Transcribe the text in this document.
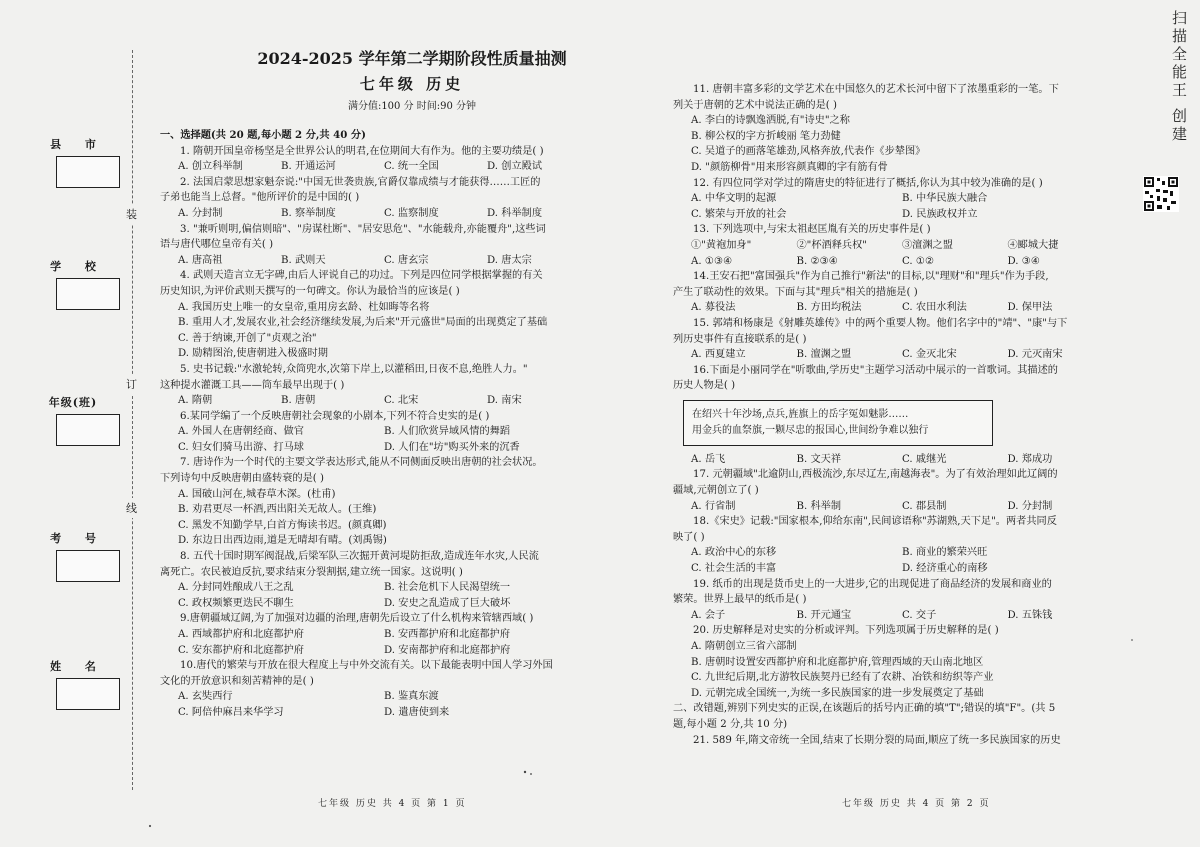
县 市
学 校
年级(班)
考 号
姓 名
装
订
线
2024-2025 学年第二学期阶段性质量抽测
七年级 历史
满分值:100 分 时间:90 分钟
一、选择题(共 20 题,每小题 2 分,共 40 分)
1. 隋朝开国皇帝杨坚是全世界公认的明君,在位期间大有作为。他的主要功绩是( )
A. 创立科举制	B. 开通运河	C. 统一全国	D. 创立殿试
2. 法国启蒙思想家魁奈说:"中国无世袭贵族,官爵仅靠成绩与才能获得……工匠的
子弟也能当上总督。"他所评价的是中国的( )
A. 分封制	B. 察举制度	C. 监察制度	D. 科举制度
3. "兼听则明,偏信则暗"、"房谋杜断"、"居安思危"、"水能载舟,亦能覆舟",这些词
语与唐代哪位皇帝有关( )
A. 唐高祖	B. 武则天	C. 唐玄宗	D. 唐太宗
4. 武则天造言立无字碑,由后人评说自己的功过。下列是四位同学根据掌握的有关
历史知识,为评价武则天撰写的一句碑文。你认为最恰当的应该是( )
A. 我国历史上唯一的女皇帝,重用房玄龄、杜如晦等名将
B. 重用人才,发展农业,社会经济继续发展,为后来"开元盛世"局面的出现奠定了基础
C. 善于纳谏,开创了"贞观之治"
D. 励精图治,使唐朝进入极盛时期
5. 史书记载:"水激轮转,众筒兜水,次第下岸上,以灌稻田,日夜不息,绝胜人力。"
这种提水灌溉工具——筒车最早出现于( )
A. 隋朝	B. 唐朝	C. 北宋	D. 南宋
6.某同学编了一个反映唐朝社会现象的小剧本,下列不符合史实的是( )
A. 外国人在唐朝经商、做官	B. 人们欣赏异域风情的舞蹈
C. 妇女们骑马出游、打马球	D. 人们在"坊"购买外来的沉香
7. 唐诗作为一个时代的主要文学表达形式,能从不同侧面反映出唐朝的社会状况。
下列诗句中反映唐朝由盛转衰的是( )
A. 国破山河在,城春草木深。(杜甫)
B. 劝君更尽一杯酒,西出阳关无故人。(王维)
C. 黑发不知勤学早,白首方悔读书迟。(颜真卿)
D. 东边日出西边雨,道是无晴却有晴。(刘禹锡)
8. 五代十国时期军阀混战,后梁军队三次掘开黄河堤防拒敌,造成连年水灾,人民流
离死亡。农民被迫反抗,要求结束分裂割据,建立统一国家。这说明( )
A. 分封同姓酿成八王之乱	B. 社会危机下人民渴望统一
C. 政权频繁更迭民不聊生	D. 安史之乱造成了巨大破坏
9.唐朝疆域辽阔,为了加强对边疆的治理,唐朝先后设立了什么机构来管辖西域( )
A. 西域都护府和北庭都护府	B. 安西都护府和北庭都护府
C. 安东都护府和北庭都护府	D. 安南都护府和北庭都护府
10.唐代的繁荣与开放在很大程度上与中外交流有关。以下最能表明中国人学习外国
文化的开放意识和刻苦精神的是( )
A. 玄奘西行	B. 鉴真东渡
C. 阿倍仲麻吕来华学习	D. 遣唐使到来
11. 唐朝丰富多彩的文学艺术在中国悠久的艺术长河中留下了浓墨重彩的一笔。下
列关于唐朝的艺术中说法正确的是( )
A. 李白的诗飘逸洒脱,有"诗史"之称
B. 柳公权的字方折峻丽 笔力劲健
C. 吴道子的画落笔雄劲,风格奔放,代表作《步辇图》
D. "颜筋柳骨"用来形容颜真卿的字有筋有骨
12. 有四位同学对学过的隋唐史的特征进行了概括,你认为其中较为准确的是( )
A. 中华文明的起源	B. 中华民族大融合
C. 繁荣与开放的社会	D. 民族政权并立
13. 下列选项中,与宋太祖赵匡胤有关的历史事件是( )
①"黄袍加身"	②"杯酒释兵权"	③澶渊之盟	④郾城大捷
A. ①③④	B. ②③④	C. ①②	D. ③④
14.王安石把"富国强兵"作为自己推行"新法"的目标,以"理财"和"理兵"作为手段,
产生了联动性的效果。下面与其"理兵"相关的措施是( )
A. 募役法	B. 方田均税法	C. 农田水利法	D. 保甲法
15. 郭靖和杨康是《射雕英雄传》中的两个重要人物。他们名字中的"靖"、"康"与下
列历史事件有直接联系的是( )
A. 西夏建立	B. 澶渊之盟	C. 金灭北宋	D. 元灭南宋
16.下面是小丽同学在"听歌曲,学历史"主题学习活动中展示的一首歌词。其描述的
历史人物是( )
在绍兴十年沙场,点兵,旌旗上的岳字冤如魅影……
用金兵的血祭旗,一颗尽忠的报国心,世间纷争难以独行
A. 岳飞	B. 文天祥	C. 戚继光	D. 郑成功
17. 元朝疆域"北逾阴山,西极流沙,东尽辽左,南越海表"。为了有效治理如此辽阔的
疆域,元朝创立了( )
A. 行省制	B. 科举制	C. 郡县制	D. 分封制
18.《宋史》记载:"国家根本,仰给东南",民间谚语称"苏湖熟,天下足"。两者共同反
映了( )
A. 政治中心的东移	B. 商业的繁荣兴旺
C. 社会生活的丰富	D. 经济重心的南移
19. 纸币的出现是货币史上的一大进步,它的出现促进了商品经济的发展和商业的
繁荣。世界上最早的纸币是( )
A. 会子	B. 开元通宝	C. 交子	D. 五铢钱
20. 历史解释是对史实的分析或评判。下列选项属于历史解释的是( )
A. 隋朝创立三省六部制
B. 唐朝时设置安西都护府和北庭都护府,管理西域的天山南北地区
C. 九世纪后期,北方游牧民族契丹已经有了农耕、冶铁和纺织等产业
D. 元朝完成全国统一,为统一多民族国家的进一步发展奠定了基础
二、改错题,辨别下列史实的正误,在该题后的括号内正确的填"T";错误的填"F"。(共 5
题,每小题 2 分,共 10 分)
21. 589 年,隋文帝统一全国,结束了长期分裂的局面,顺应了统一多民族国家的历史
七年级 历史 共 4 页 第 1 页	七年级 历史 共 4 页 第 2 页
扫描全能王 创建
